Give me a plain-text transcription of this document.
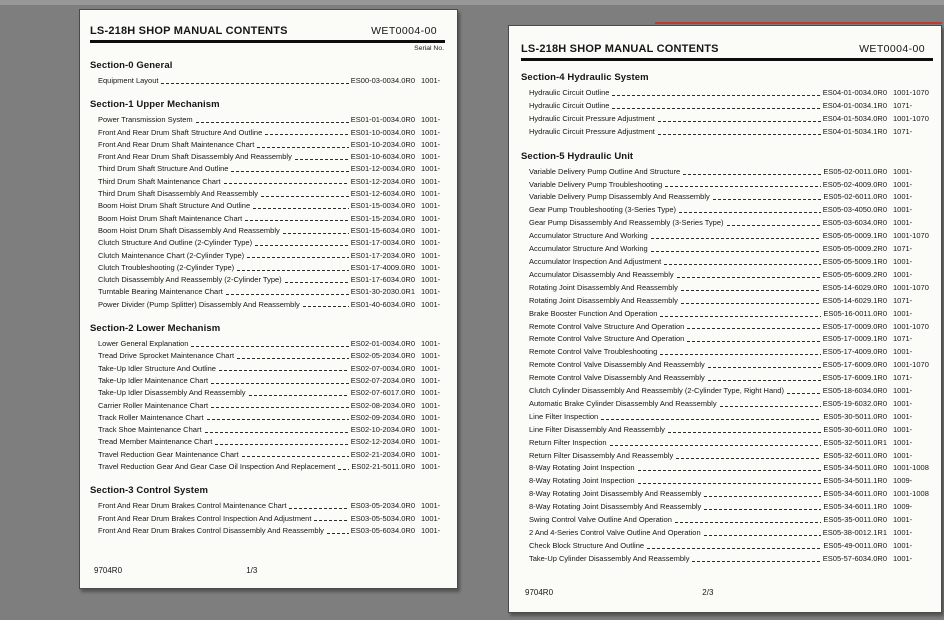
LS-218H SHOP MANUAL CONTENTS	WET0004-00
Serial No.
Section-0 General
Equipment Layout	ES00-03-0034.0R0 1001-
Section-1 Upper Mechanism
Power Transmission System	ES01-01-0034.0R0 1001-
Front And Rear Drum Shaft Structure And Outline	ES01-10-0034.0R0 1001-
Front And Rear Drum Shaft Maintenance Chart	ES01-10-2034.0R0 1001-
Front And Rear Drum Shaft Disassembly And Reassembly	ES01-10-6034.0R0 1001-
Third Drum Shaft Structure And Outline	ES01-12-0034.0R0 1001-
Third Drum Shaft Maintenance Chart	ES01-12-2034.0R0 1001-
Third Drum Shaft Disassembly And Reassembly	ES01-12-6034.0R0 1001-
Boom Hoist Drum Shaft Structure And Outline	ES01-15-0034.0R0 1001-
Boom Hoist Drum Shaft Maintenance Chart	ES01-15-2034.0R0 1001-
Boom Hoist Drum Shaft Disassembly And Reassembly	ES01-15-6034.0R0 1001-
Clutch Structure And Outline (2-Cylinder Type)	ES01-17-0034.0R0 1001-
Clutch Maintenance Chart (2-Cylinder Type)	ES01-17-2034.0R0 1001-
Clutch Troubleshooting (2-Cylinder Type)	ES01-17-4009.0R0 1001-
Clutch Disassembly And Reassembly (2-Cylinder Type)	ES01-17-6034.0R0 1001-
Turntable Bearing Maintenance Chart	ES01-30-2030.0R1 1001-
Power Divider (Pump Splitter) Disassembly And Reassembly	ES01-40-6034.0R0 1001-
Section-2 Lower Mechanism
Lower General Explanation	ES02-01-0034.0R0 1001-
Tread Drive Sprocket Maintenance Chart	ES02-05-2034.0R0 1001-
Take-Up Idler Structure And Outline	ES02-07-0034.0R0 1001-
Take-Up Idler Maintenance Chart	ES02-07-2034.0R0 1001-
Take-Up Idler Disassembly And Reassembly	ES02-07-6017.0R0 1001-
Carrier Roller Maintenance Chart	ES02-08-2034.0R0 1001-
Track Roller Maintenance Chart	ES02-09-2034.0R0 1001-
Track Shoe Maintenance Chart	ES02-10-2034.0R0 1001-
Tread Member Maintenance Chart	ES02-12-2034.0R0 1001-
Travel Reduction Gear Maintenance Chart	ES02-21-2034.0R0 1001-
Travel Reduction Gear And Gear Case Oil Inspection And Replacement ES02-21-5011.0R0 1001-
Section-3 Control System
Front And Rear Drum Brakes Control Maintenance Chart	ES03-05-2034.0R0 1001-
Front And Rear Drum Brakes Control Inspection And Adjustment	ES03-05-5034.0R0 1001-
Front And Rear Drum Brakes Control Disassembly And Reassembly	ES03-05-6034.0R0 1001-
9704R0	1/3
LS-218H SHOP MANUAL CONTENTS	WET0004-00
Section-4 Hydraulic System
Hydraulic Circuit Outline	ES04-01-0034.0R0 1001-1070
Hydraulic Circuit Outline	ES04-01-0034.1R0 1071-
Hydraulic Circuit Pressure Adjustment	ES04-01-5034.0R0 1001-1070
Hydraulic Circuit Pressure Adjustment	ES04-01-5034.1R0 1071-
Section-5 Hydraulic Unit
Variable Delivery Pump Outline And Structure	ES05-02-0011.0R0 1001-
Variable Delivery Pump Troubleshooting	ES05-02-4009.0R0 1001-
Variable Delivery Pump Disassembly And Reassembly	ES05-02-6011.0R0 1001-
Gear Pump Troubleshooting (3-Series Type)	ES05-03-4050.0R0 1001-
Gear Pump Disassembly And Reassembly (3-Series Type)	ES05-03-6034.0R0 1001-
Accumulator Structure And Working	ES05-05-0009.1R0 1001-1070
Accumulator Structure And Working	ES05-05-0009.2R0 1071-
Accumulator Inspection And Adjustment	ES05-05-5009.1R0 1001-
Accumulator Disassembly And Reassembly	ES05-05-6009.2R0 1001-
Rotating Joint Disassembly And Reassembly	ES05-14-6029.0R0 1001-1070
Rotating Joint Disassembly And Reassembly	ES05-14-6029.1R0 1071-
Brake Booster Function And Operation	ES05-16-0011.0R0 1001-
Remote Control Valve Structure And Operation	ES05-17-0009.0R0 1001-1070
Remote Control Valve Structure And Operation	ES05-17-0009.1R0 1071-
Remote Control Valve Troubleshooting	ES05-17-4009.0R0 1001-
Remote Control Valve Disassembly And Reassembly	ES05-17-6009.0R0 1001-1070
Remote Control Valve Disassembly And Reassembly	ES05-17-6009.1R0 1071-
Clutch Cylinder Disassembly And Reassembly (2-Cylinder Type, Right Hand)	ES05-18-6034.0R0 1001-
Automatic Brake Cylinder Disassembly And Reassembly	ES05-19-6032.0R0 1001-
Line Filter Inspection	ES05-30-5011.0R0 1001-
Line Filter Disassembly And Reassembly	ES05-30-6011.0R0 1001-
Return Filter Inspection	ES05-32-5011.0R1 1001-
Return Filter Disassembly And Reassembly	ES05-32-6011.0R0 1001-
8-Way Rotating Joint Inspection	ES05-34-5011.0R0 1001-1008
8-Way Rotating Joint Inspection	ES05-34-5011.1R0 1009-
8-Way Rotating Joint Disassembly And Reassembly	ES05-34-6011.0R0 1001-1008
8-Way Rotating Joint Disassembly And Reassembly	ES05-34-6011.1R0 1009-
Swing Control Valve Outline And Operation	ES05-35-0011.0R0 1001-
2 And 4-Series Control Valve Outline And Operation	ES05-38-0012.1R1 1001-
Check Block Structure And Outline	ES05-49-0011.0R0 1001-
Take-Up Cylinder Disassembly And Reassembly	ES05-57-6034.0R0 1001-
9704R0	2/3
